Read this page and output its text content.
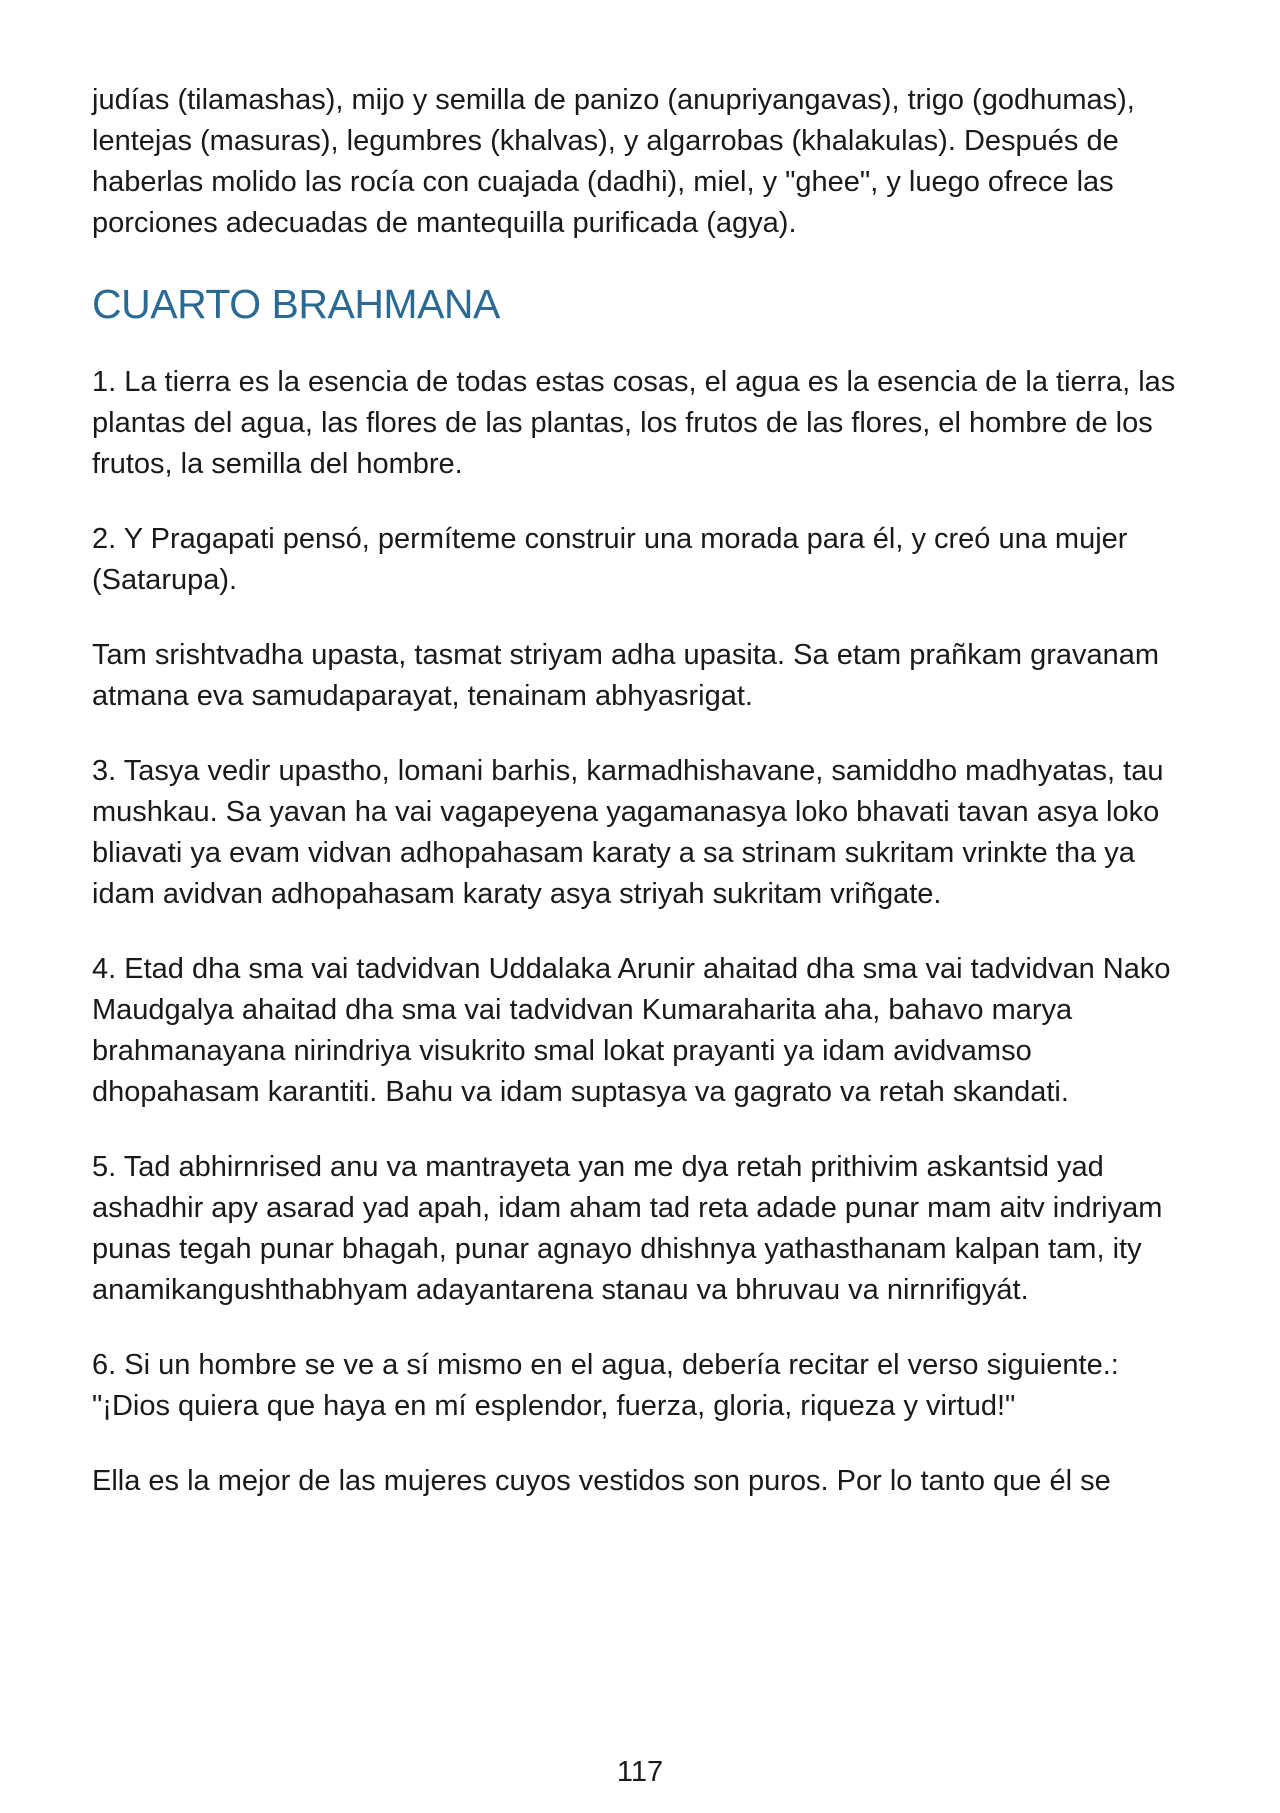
judías (tilamashas), mijo y semilla de panizo (anupriyangavas), trigo (godhumas), lentejas (masuras), legumbres (khalvas), y algarrobas (khalakulas). Después de haberlas molido las rocía con cuajada (dadhi), miel, y "ghee", y luego ofrece las porciones adecuadas de mantequilla purificada (agya).

CUARTO BRAHMANA

1. La tierra es la esencia de todas estas cosas, el agua es la esencia de la tierra, las plantas del agua, las flores de las plantas, los frutos de las flores, el hombre de los frutos, la semilla del hombre.

2. Y Pragapati pensó, permíteme construir una morada para él, y creó una mujer (Satarupa).

Tam srishtvadha upasta, tasmat striyam adha upasita. Sa etam prañkam gravanam atmana eva samudaparayat, tenainam abhyasrigat.

3. Tasya vedir upastho, lomani barhis, karmadhishavane, samiddho madhyatas, tau mushkau. Sa yavan ha vai vagapeyena yagamanasya loko bhavati tavan asya loko bliavati ya evam vidvan adhopahasam karaty a sa strinam sukritam vrinkte tha ya idam avidvan adhopahasam karaty asya striyah sukritam vriñgate.

4. Etad dha sma vai tadvidvan Uddalaka Arunir ahaitad dha sma vai tadvidvan Nako Maudgalya ahaitad dha sma vai tadvidvan Kumaraharita aha, bahavo marya brahmanayana nirindriya visukrito smal lokat prayanti ya idam avidvamso dhopahasam karantiti. Bahu va idam suptasya va gagrato va retah skandati.

5. Tad abhirnrised anu va mantrayeta yan me dya retah prithivim askantsid yad ashadhir apy asarad yad apah, idam aham tad reta adade punar mam aitv indriyam punas tegah punar bhagah, punar agnayo dhishnya yathasthanam kalpan tam, ity anamikangushthabhyam adayantarena stanau va bhruvau va nirnrifigyát.

6. Si un hombre se ve a sí mismo en el agua, debería recitar el verso siguiente.: "¡Dios quiera que haya en mí esplendor, fuerza, gloria, riqueza y virtud!"

Ella es la mejor de las mujeres cuyos vestidos son puros. Por lo tanto que él se

117
